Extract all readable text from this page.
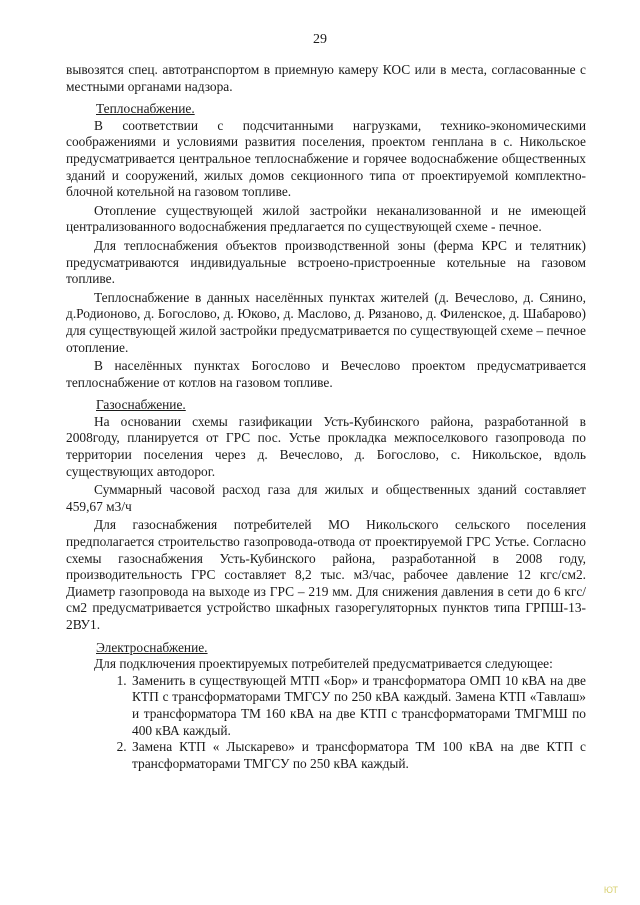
29

вывозятся спец. автотранспортом в приемную камеру КОС или в места, согласованные с местными органами надзора.

Теплоснабжение.

В соответствии с подсчитанными нагрузками, технико-экономическими соображениями и условиями развития поселения, проектом генплана в с. Никольское предусматривается центральное теплоснабжение и горячее водоснабжение общественных зданий и сооружений, жилых домов секционного типа от проектируемой комплектно-блочной котельной на газовом топливе.

Отопление существующей жилой застройки неканализованной и не имеющей централизованного водоснабжения предлагается по существующей схеме - печное.

Для теплоснабжения объектов производственной зоны (ферма КРС и телятник) предусматриваются индивидуальные встроено-пристроенные котельные на газовом топливе.

Теплоснабжение в данных населённых пунктах жителей (д. Вечеслово, д. Сянино, д.Родионово, д. Богослово, д. Юково, д. Маслово, д. Рязаново, д. Филенское, д. Шабарово) для существующей жилой застройки предусматривается по существующей схеме – печное отопление.

В населённых пунктах Богослово и Вечеслово проектом предусматривается теплоснабжение от котлов на газовом топливе.

Газоснабжение.

На основании схемы газификации Усть-Кубинского района, разработанной в 2008году, планируется от ГРС пос. Устье прокладка межпоселкового газопровода по территории поселения через д. Вечеслово, д. Богослово, с. Никольское, вдоль существующих автодорог.

Суммарный часовой расход газа для жилых и общественных зданий составляет 459,67 м3/ч

Для газоснабжения потребителей МО Никольского сельского поселения предполагается строительство газопровода-отвода от проектируемой ГРС Устье. Согласно схемы газоснабжения Усть-Кубинского района, разработанной в 2008 году, производительность ГРС составляет 8,2 тыс. м3/час, рабочее давление 12 кгс/см2. Диаметр газопровода на выходе из ГРС – 219 мм. Для снижения давления в сети до 6 кгс/см2 предусматривается устройство шкафных газорегуляторных пунктов типа ГРПШ-13-2ВУ1.

Электроснабжение.

Для подключения проектируемых потребителей предусматривается следующее:

1. Заменить в существующей МТП «Бор» и трансформатора ОМП 10 кВА на две КТП с трансформаторами ТМГСУ по 250 кВА каждый. Замена КТП «Тавлаш» и трансформатора ТМ 160 кВА на две КТП с трансформаторами ТМГМШ по 400 кВА каждый.
2. Замена КТП « Лыскарево» и трансформатора ТМ 100 кВА на две КТП с трансформаторами ТМГСУ по 250 кВА каждый.
ЮТ
